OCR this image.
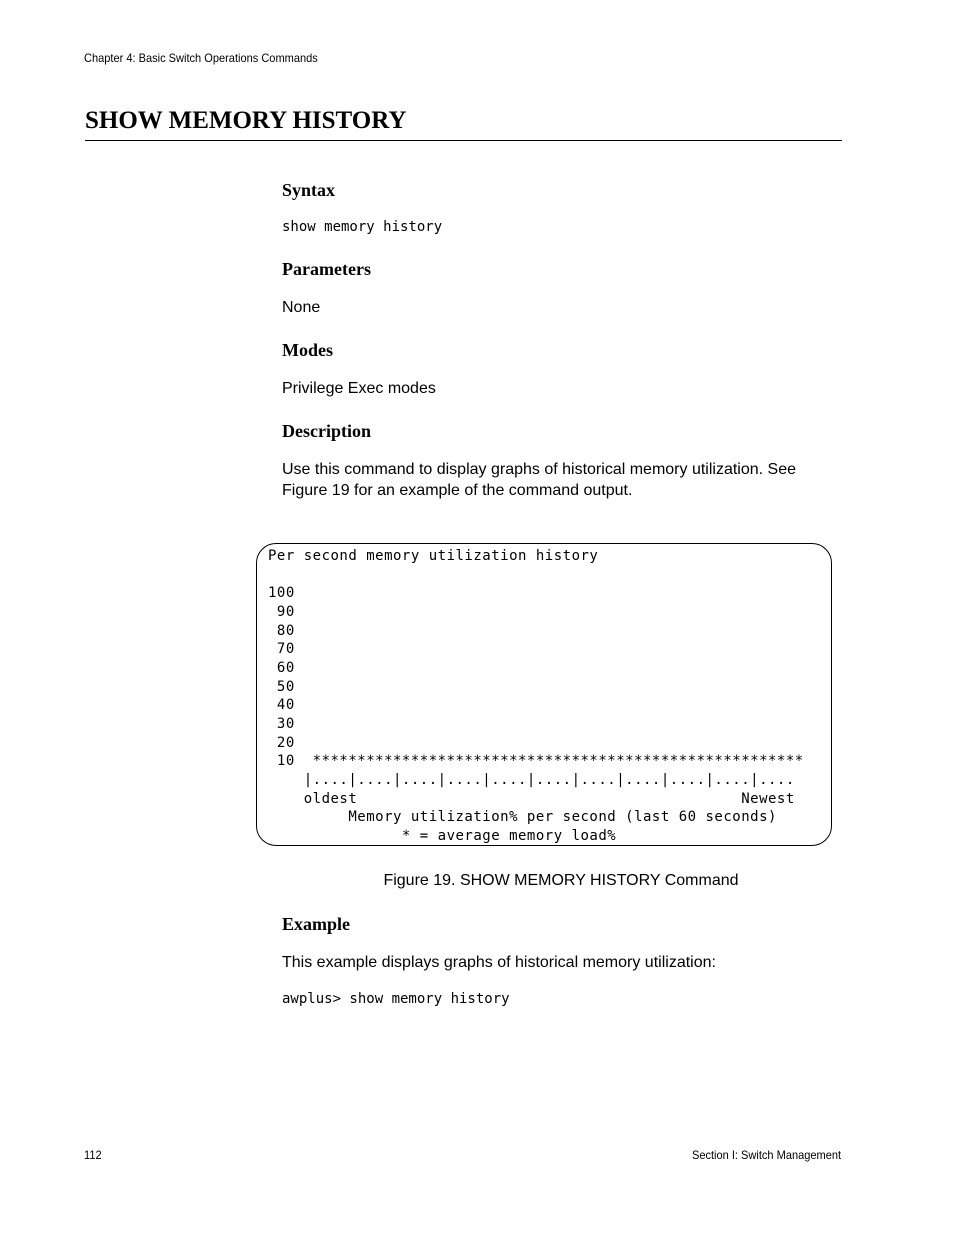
Chapter 4: Basic Switch Operations Commands
SHOW MEMORY HISTORY
Syntax
show memory history
Parameters

None

Modes

Privilege Exec modes

Description

Use this command to display graphs of historical memory utilization. See Figure 19 for an example of the command output.

Per second memory utilization history

100
90
80
70
60
50
40
30
20
10  *******************************************************
|....|....|....|....|....|....|....|....|....|....|....
oldest                                           Newest
Memory utilization% per second (last 60 seconds)
* = average memory load%
Figure 19. SHOW MEMORY HISTORY Command
Example

This example displays graphs of historical memory utilization:

awplus> show memory history
112	Section I: Switch Management
